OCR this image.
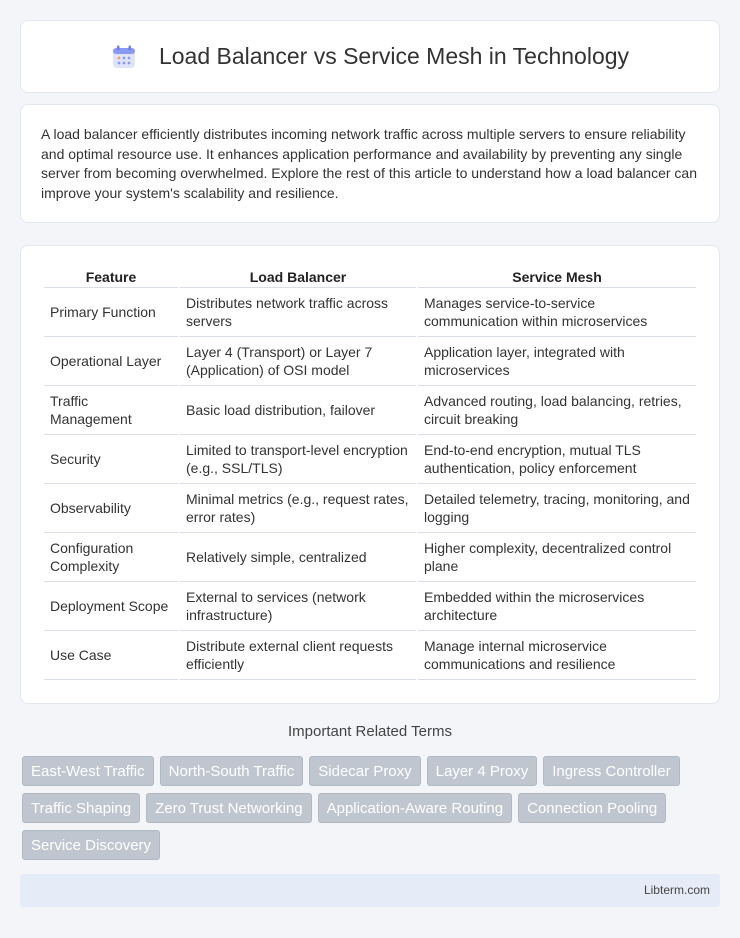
Load Balancer vs Service Mesh in Technology

A load balancer efficiently distributes incoming network traffic across multiple servers to ensure reliability and optimal resource use. It enhances application performance and availability by preventing any single server from becoming overwhelmed. Explore the rest of this article to understand how a load balancer can improve your system's scalability and resilience.

Feature	Load Balancer	Service Mesh
Primary Function	Distributes network traffic across servers	Manages service-to-service communication within microservices
Operational Layer	Layer 4 (Transport) or Layer 7 (Application) of OSI model	Application layer, integrated with microservices
Traffic Management	Basic load distribution, failover	Advanced routing, load balancing, retries, circuit breaking
Security	Limited to transport-level encryption (e.g., SSL/TLS)	End-to-end encryption, mutual TLS authentication, policy enforcement
Observability	Minimal metrics (e.g., request rates, error rates)	Detailed telemetry, tracing, monitoring, and logging
Configuration Complexity	Relatively simple, centralized	Higher complexity, decentralized control plane
Deployment Scope	External to services (network infrastructure)	Embedded within the microservices architecture
Use Case	Distribute external client requests efficiently	Manage internal microservice communications and resilience
Important Related Terms
East-West Traffic	North-South Traffic	Sidecar Proxy	Layer 4 Proxy	Ingress Controller
Traffic Shaping	Zero Trust Networking	Application-Aware Routing	Connection Pooling
Service Discovery
Libterm.com
